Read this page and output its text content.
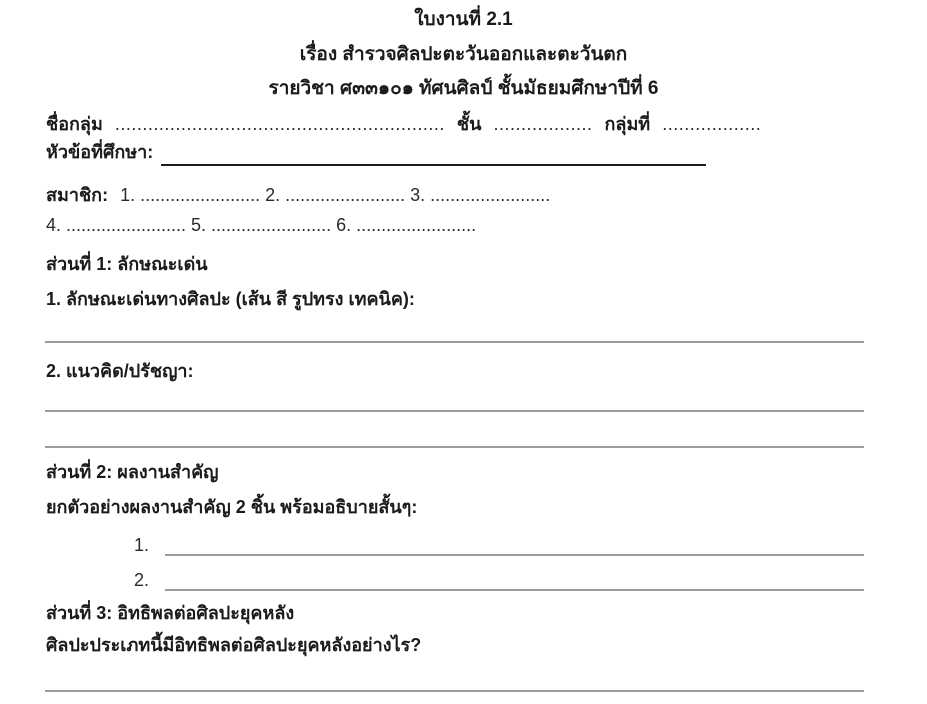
ใบงานที่ 2.1
เรื่อง สำรวจศิลปะตะวันออกและตะวันตก
รายวิชา ศ๓๓๑๐๑ ทัศนศิลป์ ชั้นมัธยมศึกษาปีที่ 6
ชื่อกลุ่ม ............................................................ ชั้น .................. กลุ่มที่ ..................
หัวข้อที่ศึกษา:
สมาชิก: 1. ........................ 2. ........................ 3. ........................
4. ........................ 5. ........................ 6. ........................
ส่วนที่ 1: ลักษณะเด่น
1. ลักษณะเด่นทางศิลปะ (เส้น สี รูปทรง เทคนิค):
2. แนวคิด/ปรัชญา:
ส่วนที่ 2: ผลงานสำคัญ
ยกตัวอย่างผลงานสำคัญ 2 ชิ้น พร้อมอธิบายสั้นๆ:
1.
2.
ส่วนที่ 3: อิทธิพลต่อศิลปะยุคหลัง
ศิลปะประเภทนี้มีอิทธิพลต่อศิลปะยุคหลังอย่างไร?
